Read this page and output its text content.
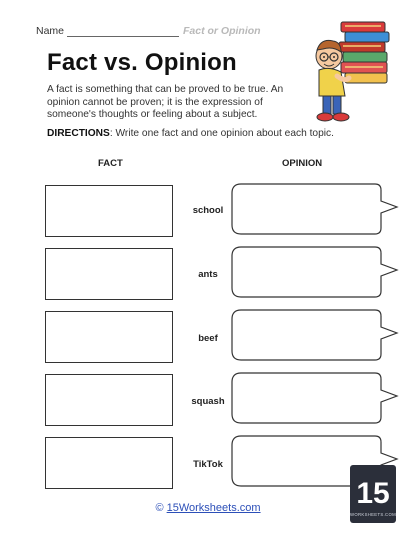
Name	Fact or Opinion
Fact vs. Opinion
A fact is something that can be proved to be true. An opinion cannot be proven; it is the expression of someone's thoughts or feeling about a subject.
DIRECTIONS: Write one fact and one opinion about each topic.
FACT	OPINION
school
ants
beef
squash
TikTok
© 15Worksheets.com	15
WORKSHEETS.COM
